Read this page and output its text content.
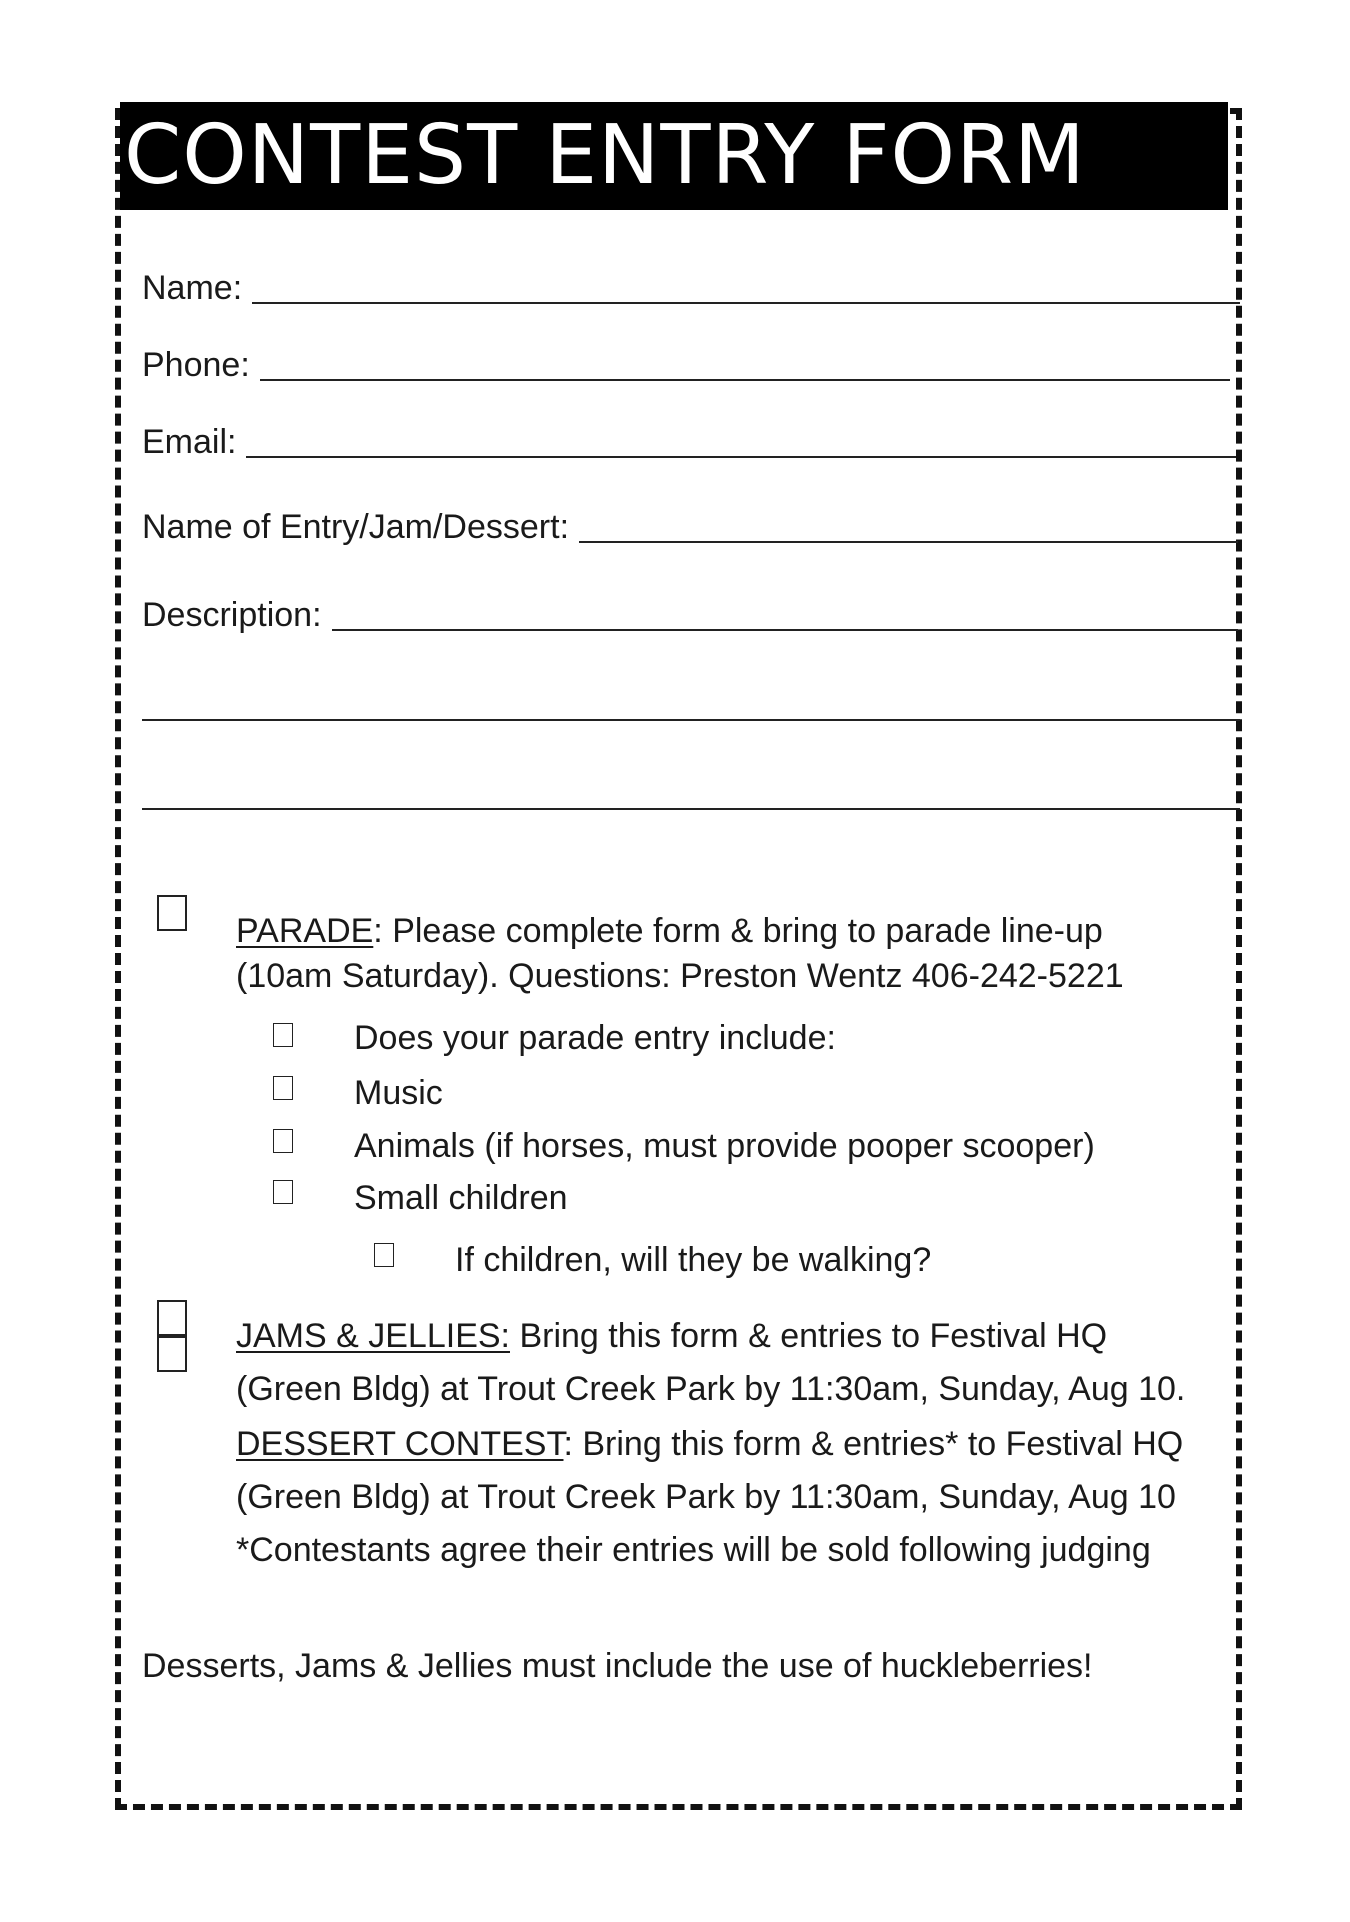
CONTEST ENTRY FORM
Name:
Phone:
Email:
Name of Entry/Jam/Dessert:
Description:
PARADE: Please complete form & bring to parade line-up
(10am Saturday). Questions: Preston Wentz 406-242-5221
Does your parade entry include:
Music
Animals (if horses, must provide pooper scooper)
Small children
If children, will they be walking?
JAMS & JELLIES: Bring this form & entries to Festival HQ
(Green Bldg) at Trout Creek Park by 11:30am, Sunday, Aug 10.
DESSERT CONTEST: Bring this form & entries* to Festival HQ
(Green Bldg) at Trout Creek Park by 11:30am, Sunday, Aug 10
*Contestants agree their entries will be sold following judging
Desserts, Jams & Jellies must include the use of huckleberries!
